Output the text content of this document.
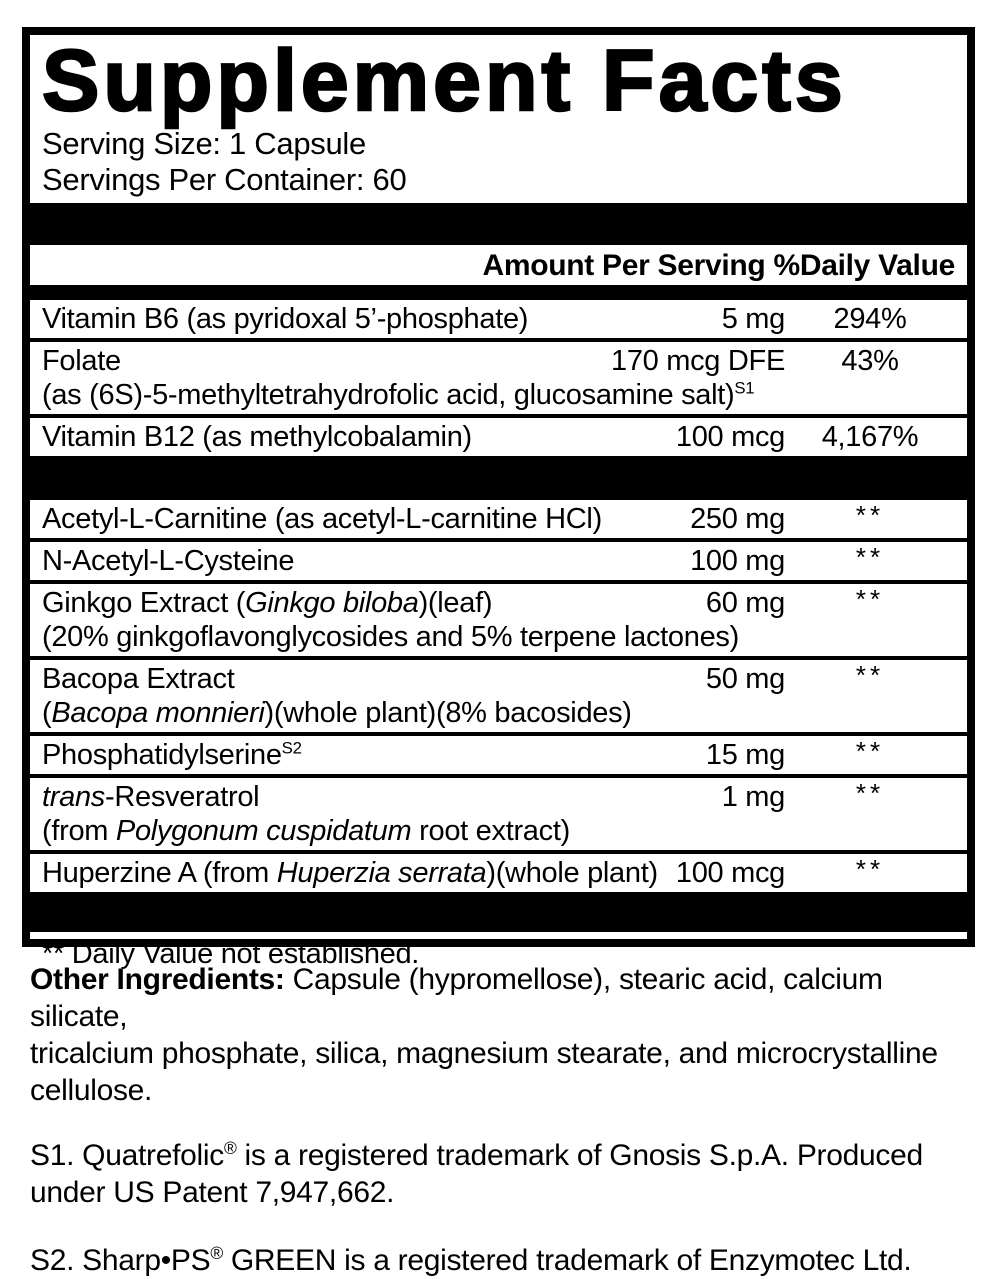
Supplement Facts
Serving Size: 1 Capsule
Servings Per Container: 60
Amount Per Serving %Daily Value
Vitamin B6 (as pyridoxal 5’-phosphate)	5 mg	294%
Folate	170 mcg DFE	43%
(as (6S)-5-methyltetrahydrofolic acid, glucosamine salt)$^{S1}$
Vitamin B12 (as methylcobalamin)	100 mcg	4,167%
Acetyl-L-Carnitine (as acetyl-L-carnitine HCl)	250 mg	**
N-Acetyl-L-Cysteine	100 mg	**
Ginkgo Extract (Ginkgo biloba)(leaf)	60 mg	**
(20% ginkgoflavonglycosides and 5% terpene lactones)
Bacopa Extract	50 mg	**
(Bacopa monnieri)(whole plant)(8% bacosides)
Phosphatidylserine$^{S2}$	15 mg	**
trans-Resveratrol	1 mg	**
(from Polygonum cuspidatum root extract)
Huperzine A (from Huperzia serrata)(whole plant) 100 mcg	**
** Daily Value not established.

Other Ingredients: Capsule (hypromellose), stearic acid, calcium silicate,
tricalcium phosphate, silica, magnesium stearate, and microcrystalline cellulose.

S1. Quatrefolic® is a registered trademark of Gnosis S.p.A. Produced
under US Patent 7,947,662.

S2. Sharp•PS® GREEN is a registered trademark of Enzymotec Ltd.
